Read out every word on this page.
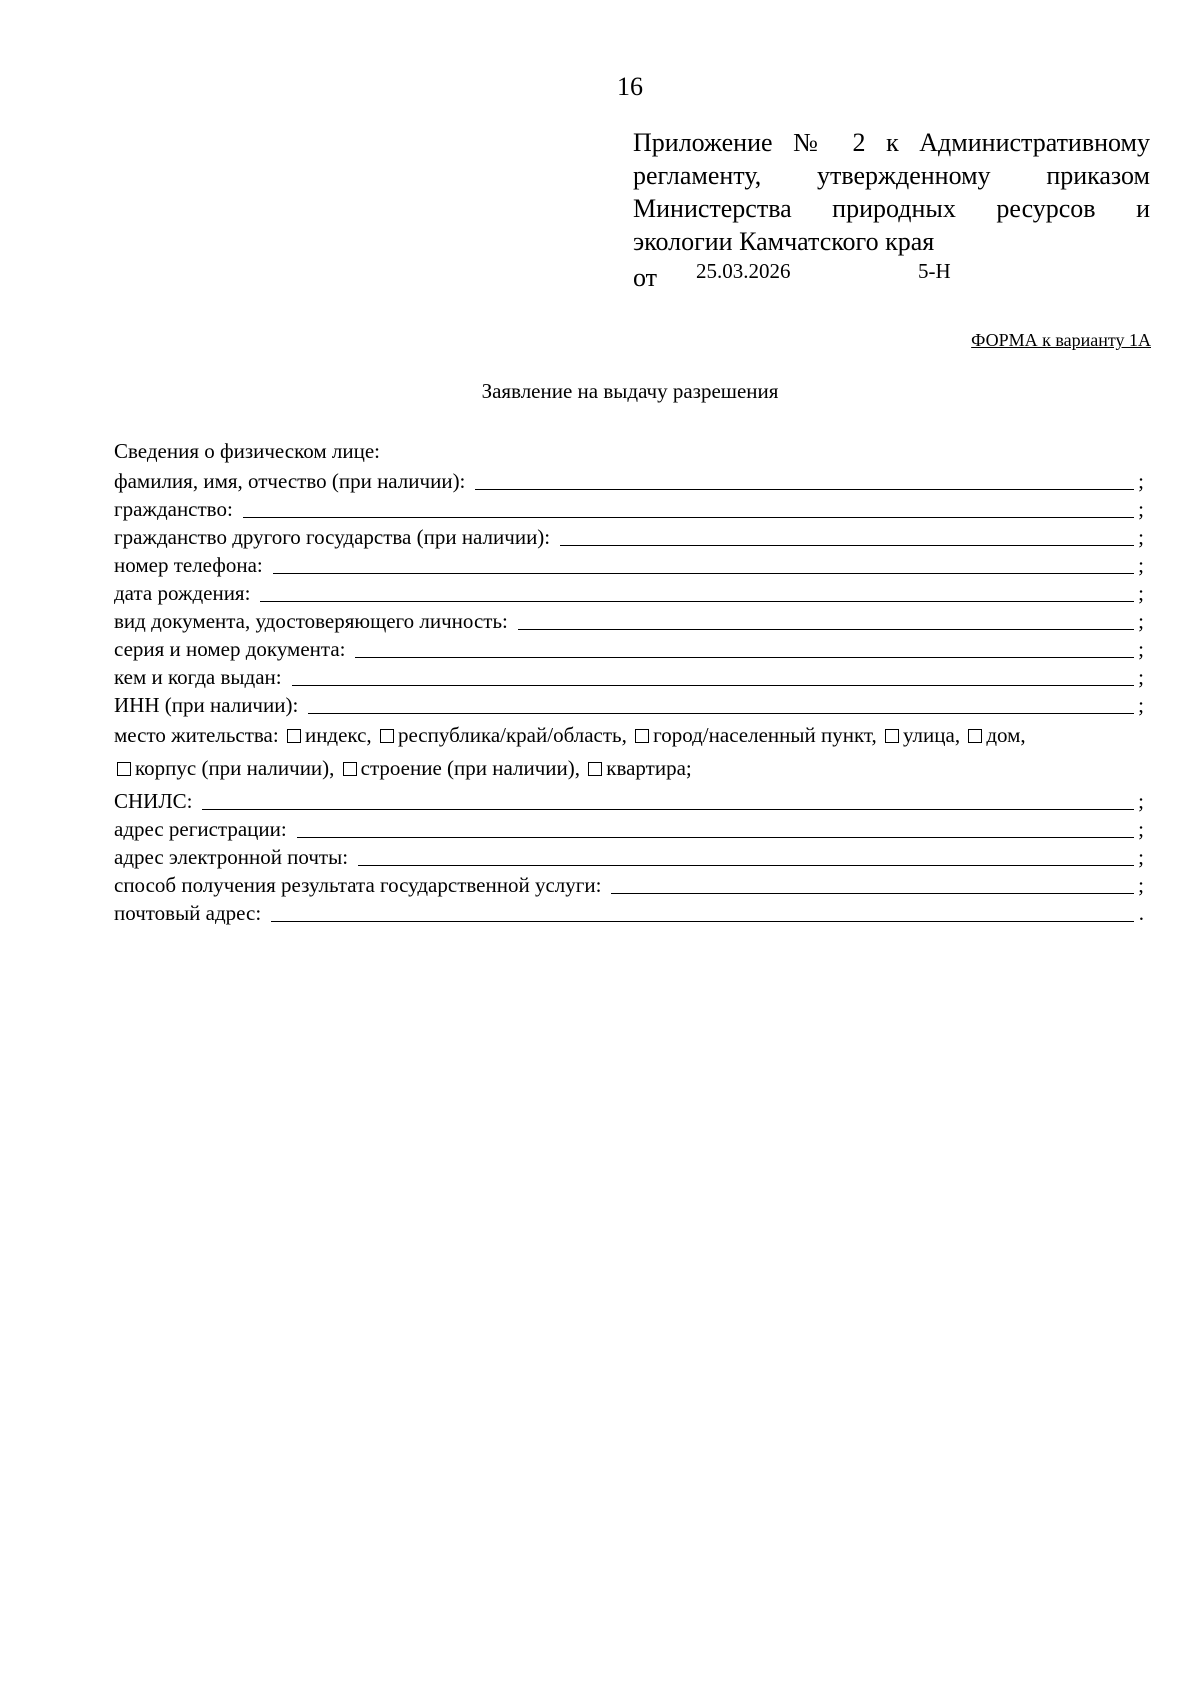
16
Приложение № 2 к Административному
регламенту, утвержденному приказом
Министерства природных ресурсов и
экологии Камчатского края
от 25.03.2026	5-Н
ФОРМА к варианту 1А
Заявление на выдачу разрешения
Сведения о физическом лице:
фамилия, имя, отчество (при наличии):	;
гражданство:	;
гражданство другого государства (при наличии):	;
номер телефона:	;
дата рождения:	;
вид документа, удостоверяющего личность:	;
серия и номер документа:	;
кем и когда выдан:	;
ИНН (при наличии):	;
место жительства: индекс, республика/край/область, город/населенный пункт, улица, дом, корпус (при наличии), строение (при наличии), квартира;
СНИЛС:	;
адрес регистрации:	;
адрес электронной почты:	;
способ получения результата государственной услуги:	;
почтовый адрес:	.
